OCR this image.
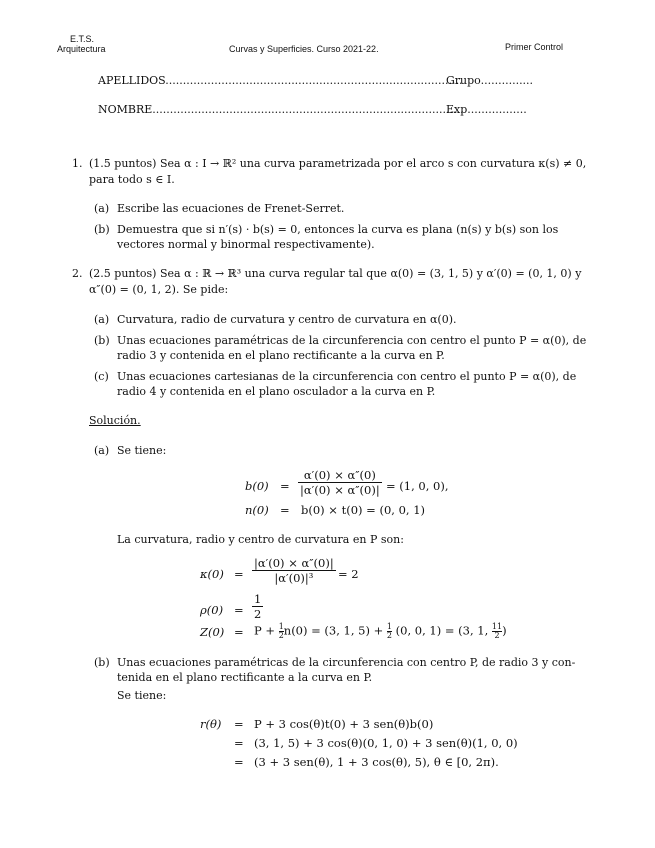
E.T.S.
Arquitectura	Curvas y Superficies. Curso 2021-22.	Primer Control
APELLIDOS.....................................................................................
Grupo...............
NOMBRE.........................................................................................
Exp.................
1. (1.5 puntos) Sea α : I → ℝ² una curva parametrizada por el arco s con curvatura κ(s) ≠ 0,
para todo s ∈ I.
(a) Escribe las ecuaciones de Frenet-Serret.
(b) Demuestra que si n′(s) · b(s) = 0, entonces la curva es plana (n(s) y b(s) son los
vectores normal y binormal respectivamente).
2. (2.5 puntos) Sea α : ℝ → ℝ³ una curva regular tal que α(0) = (3, 1, 5) y α′(0) = (0, 1, 0) y
α″(0) = (0, 1, 2). Se pide:
(a) Curvatura, radio de curvatura y centro de curvatura en α(0).
(b) Unas ecuaciones paramétricas de la circunferencia con centro el punto P = α(0), de
radio 3 y contenida en el plano rectificante a la curva en P.
(c) Unas ecuaciones cartesianas de la circunferencia con centro el punto P = α(0), de
radio 4 y contenida en el plano osculador a la curva en P.
Solución.
(a) Se tiene:
$b(0) = \frac{\alpha'(0) \times \alpha''(0)}{|\alpha'(0) \times \alpha''(0)|} = (1$, 0, 0),
n(0) = b(0) × t(0) = (0, 0, 1)
La curvatura, radio y centro de curvatura en P son:
$\kappa(0) = \frac{|\alpha'(0) \times \alpha''(0)|}{\text{|α′(0)|³}} = 2$
$\rho(0) = \frac{1}{2}$
$Z(0) = P + \frac{1}{2} n(0) = (3$, 1, $5) + \frac{1}{2} (0$, 0, 1) = (3, 1, $\frac{11}{2}$ )
(b) Unas ecuaciones paramétricas de la circunferencia con centro P, de radio 3 y con-
tenida en el plano rectificante a la curva en P.
Se tiene:
r(θ) = P + 3 cos(θ)t(0) + 3 sen(θ)b(0)
= (3, 1, 5) + 3 cos(θ)(0, 1, 0) + 3 sen(θ)(1, 0, 0)
= (3 + 3 sen(θ), 1 + 3 cos(θ), 5), θ ∈ [0, 2π).
